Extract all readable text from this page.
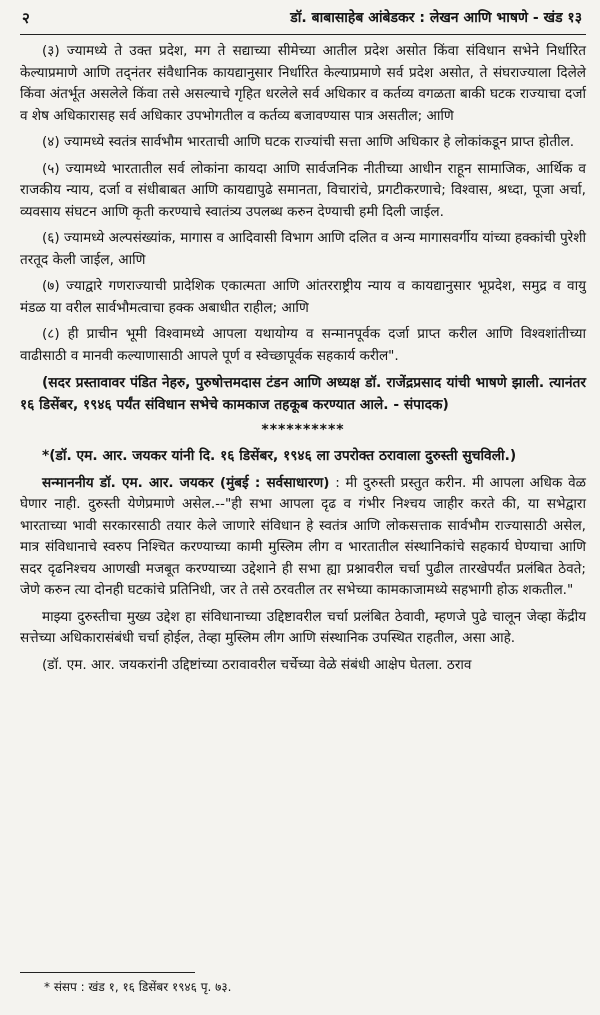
२	डॉ. बाबासाहेब आंबेडकर : लेखन आणि भाषणे - खंड १३

(३) ज्यामध्ये ते उक्त प्रदेश, मग ते सद्याच्या सीमेच्या आतील प्रदेश असोत किंवा संविधान सभेने निर्धारित केल्याप्रमाणे आणि तद्नंतर संवैधानिक कायद्यानुसार निर्धारित केल्याप्रमाणे सर्व प्रदेश असोत, ते संघराज्याला दिलेले किंवा अंतर्भूत असलेले किंवा तसे असल्याचे गृहित धरलेले सर्व अधिकार व कर्तव्य वगळता बाकी घटक राज्याचा दर्जा व शेष अधिकारासह सर्व अधिकार उपभोगतील व कर्तव्य बजावण्यास पात्र असतील; आणि

(४) ज्यामध्ये स्वतंत्र सार्वभौम भारताची आणि घटक राज्यांची सत्ता आणि अधिकार हे लोकांकडून प्राप्त होतील.

(५) ज्यामध्ये भारतातील सर्व लोकांना कायदा आणि सार्वजनिक नीतीच्या आधीन राहून सामाजिक, आर्थिक व राजकीय न्याय, दर्जा व संधीबाबत आणि कायद्यापुढे समानता, विचारांचे, प्रगटीकरणाचे; विश्वास, श्रध्दा, पूजा अर्चा, व्यवसाय संघटन आणि कृती करण्याचे स्वातंत्र्य उपलब्ध करुन देण्याची हमी दिली जाईल.

(६) ज्यामध्ये अल्पसंख्यांक, मागास व आदिवासी विभाग आणि दलित व अन्य मागासवर्गीय यांच्या हक्कांची पुरेशी तरतूद केली जाईल, आणि

(७) ज्याद्वारे गणराज्याची प्रादेशिक एकात्मता आणि आंतरराष्ट्रीय न्याय व कायद्यानुसार भूप्रदेश, समुद्र व वायु मंडळ या वरील सार्वभौमत्वाचा हक्क अबाधीत राहील; आणि

(८) ही प्राचीन भूमी विश्वामध्ये आपला यथायोग्य व सन्मानपूर्वक दर्जा प्राप्त करील आणि विश्वशांतीच्या वाढीसाठी व मानवी कल्याणासाठी आपले पूर्ण व स्वेच्छापूर्वक सहकार्य करील".

(सदर प्रस्तावावर पंडित नेहरु, पुरुषोत्तमदास टंडन आणि अध्यक्ष डॉ. राजेंद्रप्रसाद यांची भाषणे झाली. त्यानंतर १६ डिसेंबर, १९४६ पर्यंत संविधान सभेचे कामकाज तहकूब करण्यात आले. - संपादक)

**********

*(डॉ. एम. आर. जयकर यांनी दि. १६ डिसेंबर, १९४६ ला उपरोक्त ठरावाला दुरुस्ती सुचविली.)

सन्माननीय डॉ. एम. आर. जयकर (मुंबई : सर्वसाधारण) : मी दुरुस्ती प्रस्तुत करीन. मी आपला अधिक वेळ घेणार नाही. दुरुस्ती येणेप्रमाणे असेल.--"ही सभा आपला दृढ व गंभीर निश्चय जाहीर करते की, या सभेद्वारा भारताच्या भावी सरकारसाठी तयार केले जाणारे संविधान हे स्वतंत्र आणि लोकसत्ताक सार्वभौम राज्यासाठी असेल, मात्र संविधानाचे स्वरुप निश्चित करण्याच्या कामी मुस्लिम लीग व भारतातील संस्थानिकांचे सहकार्य घेण्याचा आणि सदर दृढनिश्चय आणखी मजबूत करण्याच्या उद्देशाने ही सभा ह्या प्रश्नावरील चर्चा पुढील तारखेपर्यंत प्रलंबित ठेवते; जेणे करुन त्या दोनही घटकांचे प्रतिनिधी, जर ते तसे ठरवतील तर सभेच्या कामकाजामध्ये सहभागी होऊ शकतील."

माझ्या दुरुस्तीचा मुख्य उद्देश हा संविधानाच्या उद्दिष्टावरील चर्चा प्रलंबित ठेवावी, म्हणजे पुढे चालून जेव्हा केंद्रीय सत्तेच्या अधिकारासंबंधी चर्चा होईल, तेव्हा मुस्लिम लीग आणि संस्थानिक उपस्थित राहतील, असा आहे.

(डॉ. एम. आर. जयकरांनी उद्दिष्टांच्या ठरावावरील चर्चेच्या वेळे संबंधी आक्षेप घेतला. ठराव

* संसप : खंड १, १६ डिसेंबर १९४६ पृ. ७३.
